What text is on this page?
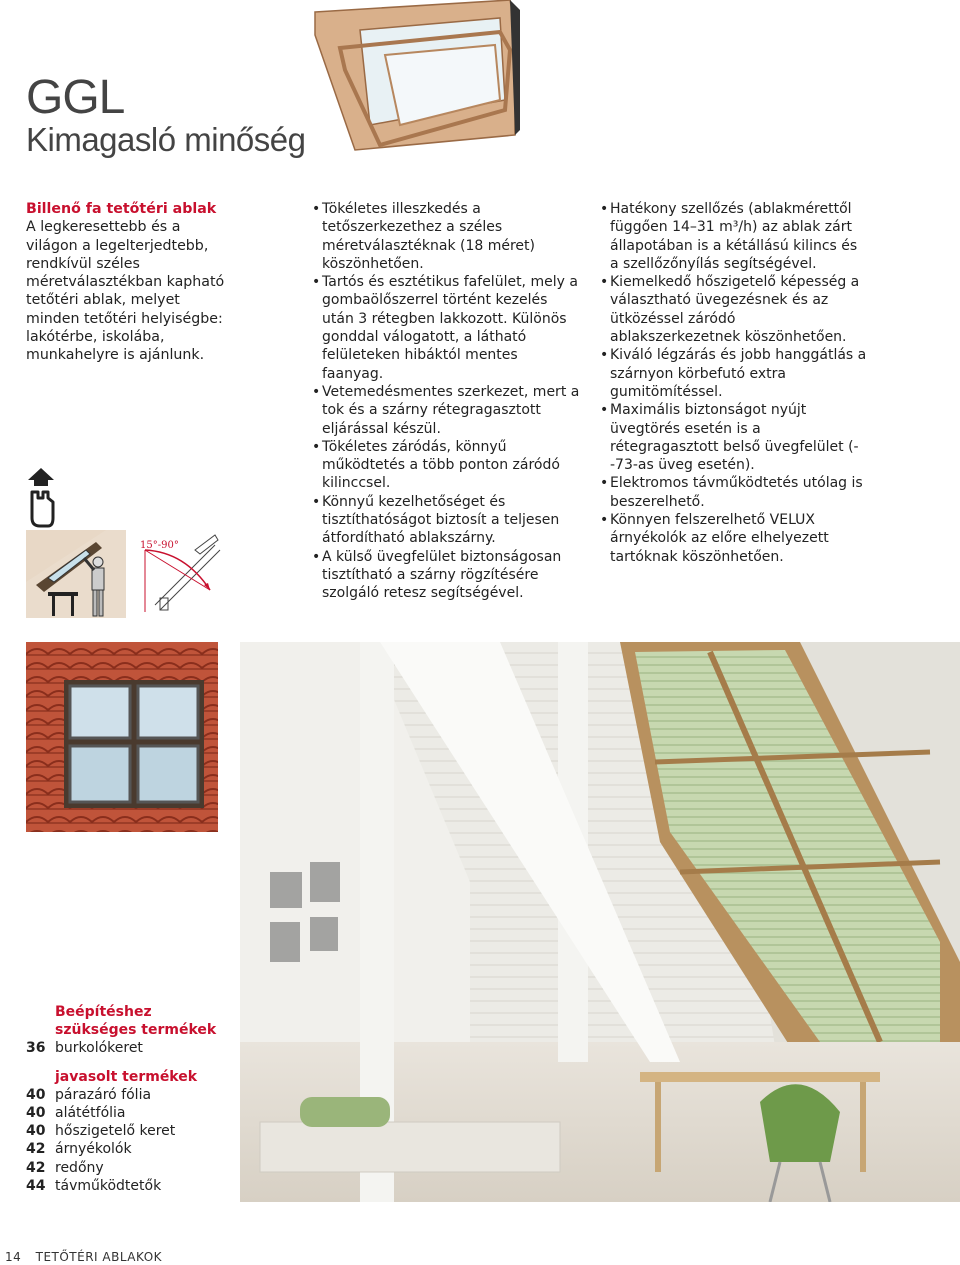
GGL
Kimagasló minőség
Billenő fa tetőtéri ablak
A legkeresettebb és a világon a legelterjedtebb, rendkívül széles méretválasztékban kapható tetőtéri ablak, melyet minden tetőtéri helyiségbe: lakótérbe, iskolába, munkahelyre is ajánlunk.
• Tökéletes illeszkedés a tetőszerkezethez a széles méretválasztéknak (18 méret) köszönhetően.
• Tartós és esztétikus fafelület, mely a gombaölőszerrel történt kezelés után 3 rétegben lakkozott. Különös gonddal válogatott, a látható felületeken hibáktól mentes faanyag.
• Vetemedésmentes szerkezet, mert a tok és a szárny rétegragasztott eljárással készül.
• Tökéletes záródás, könnyű működtetés a több ponton záródó kilinccsel.
• Könnyű kezelhetőséget és tisztíthatóságot biztosít a teljesen átfordítható ablakszárny.
• A külső üvegfelület biztonságosan tisztítható a szárny rögzítésére szolgáló retesz segítségével.
• Hatékony szellőzés (ablakmérettől függően 14–31 m³/h) az ablak zárt állapotában is a kétállású kilincs és a szellőzőnyílás segítségével.
• Kiemelkedő hőszigetelő képesség a választható üvegezésnek és az ütközéssel záródó ablakszerkezetnek köszönhetően.
• Kiváló légzárás és jobb hanggátlás a szárnyon körbefutó extra gumitömítéssel.
• Maximális biztonságot nyújt üvegtörés esetén is a rétegragasztott belső üvegfelület (--73-as üveg esetén).
• Elektromos távműködtetés utólag is beszerelhető.
• Könnyen felszerelhető VELUX árnyékolók az előre elhelyezett tartóknak köszönhetően.
15°-90°
Beépítéshez
szükséges termékek
36 burkolókeret
javasolt termékek
40 párazáró fólia
40 alátétfólia
40 hőszigetelő keret
42 árnyékolók
42 redőny
44 távműködtetők
14 TETŐTÉRI ABLAKOK
